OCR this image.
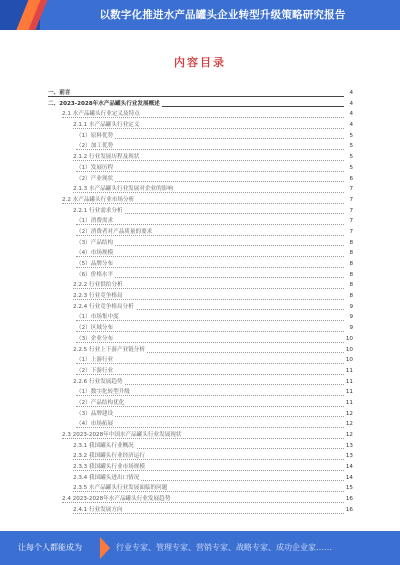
以数字化推进水产品罐头企业转型升级策略研究报告
内容目录
一、前言	4
二、2023-2028年水产品罐头行业发展概述	4
2.1 水产品罐头行业定义及特点	4
2.1.1 水产品罐头行业定义	4
（1）原料优势	5
（2）加工优势	5
2.1.2 行业发展历程及现状	5
（1）发展历程	5
（2）产业现状	6
2.1.3 水产品罐头行业发展对企业的影响	7
2.2 水产品罐头行业市场分析	7
2.2.1 行业需求分析	7
（1）消费需求	7
（2）消费者对产品质量的要求	7
（3）产品结构	8
（4）市场规模	8
（5）品牌分布	8
（6）价格水平	8
2.2.2 行业供给分析	8
2.2.3 行业竞争格局	8
2.2.4 行业竞争格局分析	9
（1）市场集中度	9
（2）区域分布	9
（3）企业分布	10
2.2.5 行业上下游产业链分析	10
（1）上游行业	10
（2）下游行业	11
2.2.6 行业发展趋势	11
（1）数字化转型升级	11
（2）产品结构优化	11
（3）品牌建设	12
（4）市场拓展	12
2.3 2023-2028年中国水产品罐头行业发展现状	12
2.3.1 我国罐头行业概况	13
2.3.2 我国罐头行业经济运行	13
2.3.3 我国罐头行业市场规模	14
2.3.4 我国罐头进出口情况	14
2.3.5 水产品罐头行业发展面临的问题	15
2.4 2023-2028年水产品罐头行业发展趋势	16
2.4.1 行业发展方向	16
让每个人都能成为	行业专家、管理专家、营销专家、战略专家、成功企业家……
